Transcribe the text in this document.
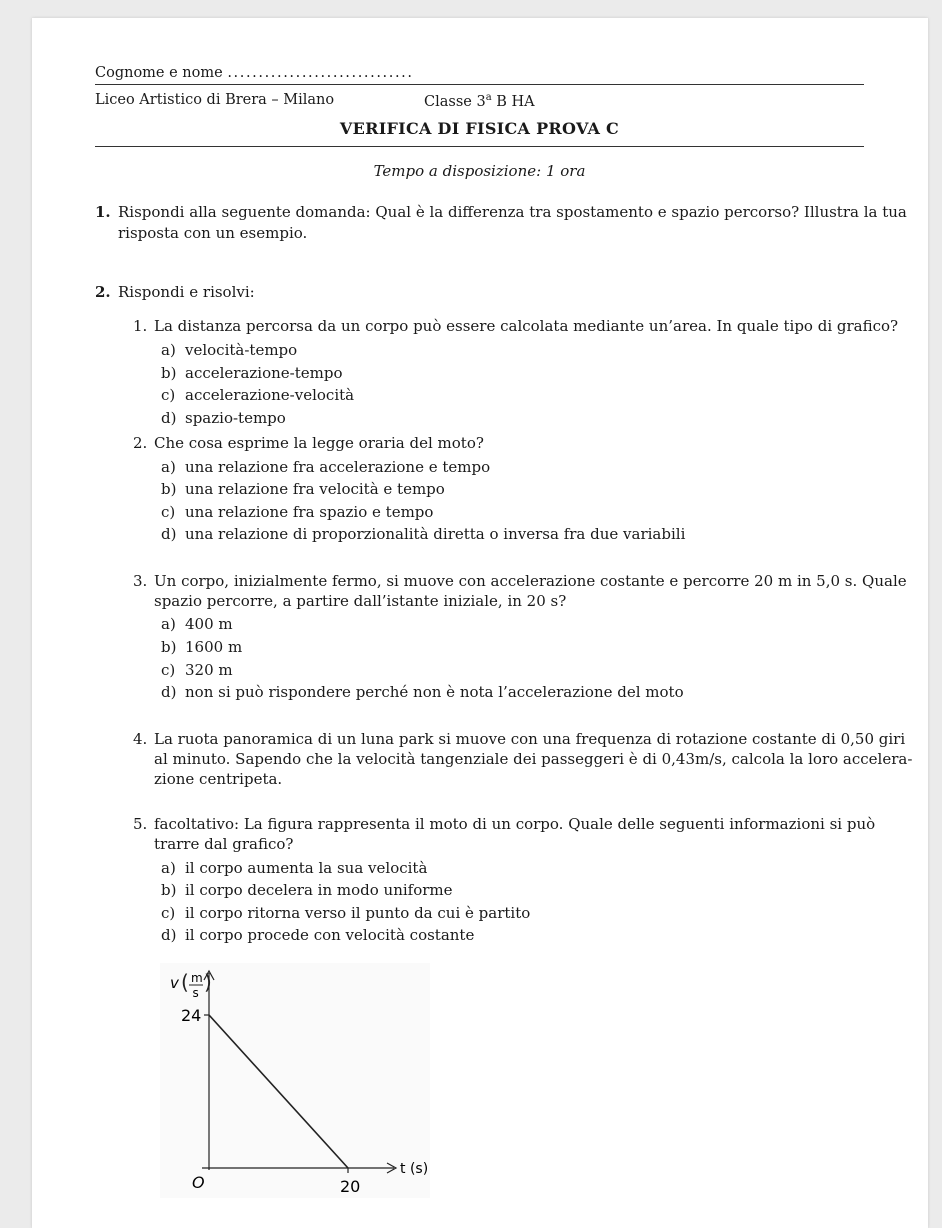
Cognome e nome ..............................
Liceo Artistico di Brera – Milano	Classe 3$^a$ B HA
VERIFICA DI FISICA PROVA C
Tempo a disposizione: 1 ora
1. Rispondi alla seguente domanda: Qual è la differenza tra spostamento e spazio percorso? Illustra la tua
risposta con un esempio.
2. Rispondi e risolvi:
1. La distanza percorsa da un corpo può essere calcolata mediante un’area. In quale tipo di grafico?
a) velocità-tempo
b) accelerazione-tempo
c) accelerazione-velocità
d) spazio-tempo
2. Che cosa esprime la legge oraria del moto?
a) una relazione fra accelerazione e tempo
b) una relazione fra velocità e tempo
c) una relazione fra spazio e tempo
d) una relazione di proporzionalità diretta o inversa fra due variabili
3. Un corpo, inizialmente fermo, si muove con accelerazione costante e percorre 20 m in 5,0 s. Quale
spazio percorre, a partire dall’istante iniziale, in 20 s?
a) 400 m
b) 1600 m
c) 320 m
d) non si può rispondere perché non è nota l’accelerazione del moto
4. La ruota panoramica di un luna park si muove con una frequenza di rotazione costante di 0,50 giri
al minuto. Sapendo che la velocità tangenziale dei passeggeri è di 0,43m/s, calcola la loro accelera-
zione centripeta.
5. facoltativo: La figura rappresenta il moto di un corpo. Quale delle seguenti informazioni si può
trarre dal grafico?
a) il corpo aumenta la sua velocità
b) il corpo decelera in modo uniforme
c) il corpo ritorna verso il punto da cui è partito
d) il corpo procede con velocità costante
v ( m
s )
24
O	20
t (s)
